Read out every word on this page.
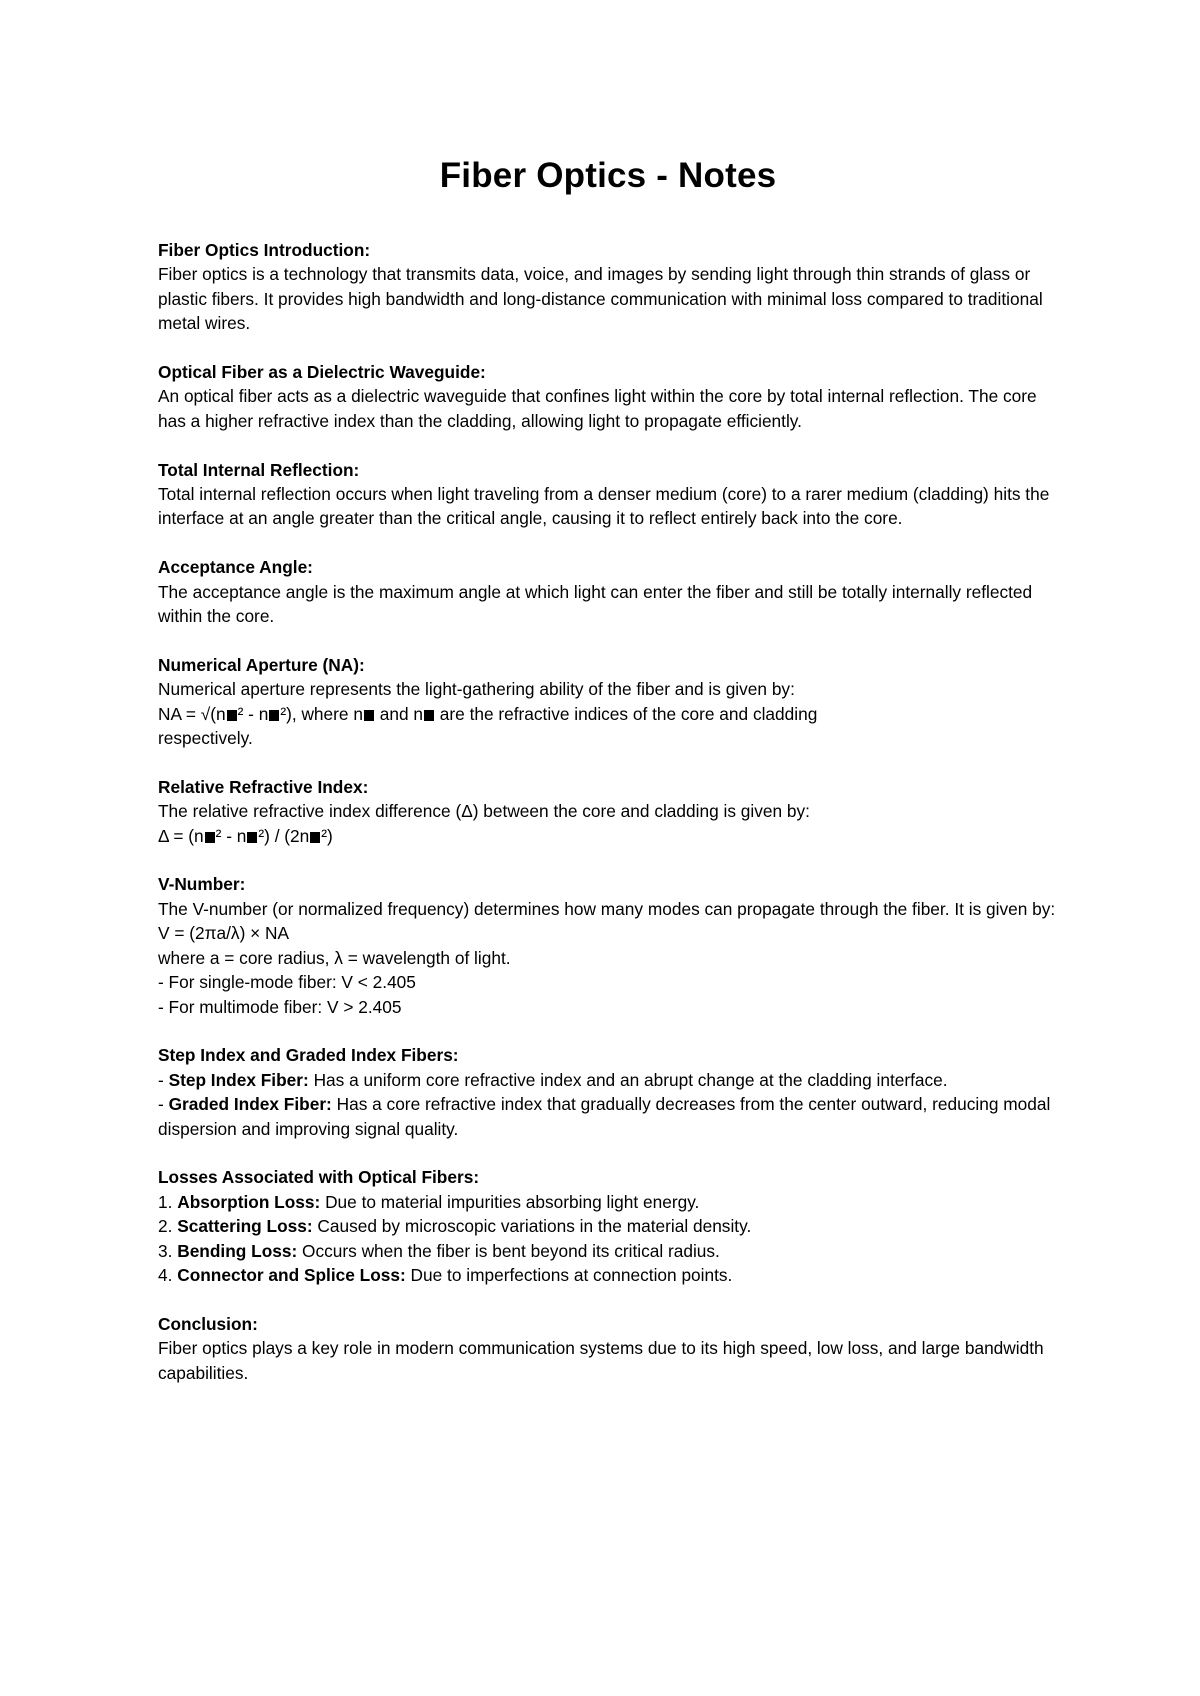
Fiber Optics - Notes

Fiber Optics Introduction:

Fiber optics is a technology that transmits data, voice, and images by sending light through thin strands of glass or plastic fibers. It provides high bandwidth and long-distance communication with minimal loss compared to traditional metal wires.

Optical Fiber as a Dielectric Waveguide:

An optical fiber acts as a dielectric waveguide that confines light within the core by total internal reflection. The core has a higher refractive index than the cladding, allowing light to propagate efficiently.

Total Internal Reflection:

Total internal reflection occurs when light traveling from a denser medium (core) to a rarer medium (cladding) hits the interface at an angle greater than the critical angle, causing it to reflect entirely back into the core.

Acceptance Angle:

The acceptance angle is the maximum angle at which light can enter the fiber and still be totally internally reflected within the core.

Numerical Aperture (NA):

Numerical aperture represents the light-gathering ability of the fiber and is given by:

NA = √(n ² - n ²), where n and n are the refractive indices of the core and cladding

respectively.

Relative Refractive Index:

The relative refractive index difference (Δ) between the core and cladding is given by:

Δ = (n ² - n ²) / (2n ²)

V-Number:

The V-number (or normalized frequency) determines how many modes can propagate through the fiber. It is given by:

V = (2πa/λ) × NA

where a = core radius, λ = wavelength of light.

- For single-mode fiber: V < 2.405

- For multimode fiber: V > 2.405

Step Index and Graded Index Fibers:

- Step Index Fiber: Has a uniform core refractive index and an abrupt change at the cladding interface.

- Graded Index Fiber: Has a core refractive index that gradually decreases from the center outward, reducing modal dispersion and improving signal quality.

Losses Associated with Optical Fibers:

1. Absorption Loss: Due to material impurities absorbing light energy.

2. Scattering Loss: Caused by microscopic variations in the material density.

3. Bending Loss: Occurs when the fiber is bent beyond its critical radius.

4. Connector and Splice Loss: Due to imperfections at connection points.

Conclusion:

Fiber optics plays a key role in modern communication systems due to its high speed, low loss, and large bandwidth capabilities.
